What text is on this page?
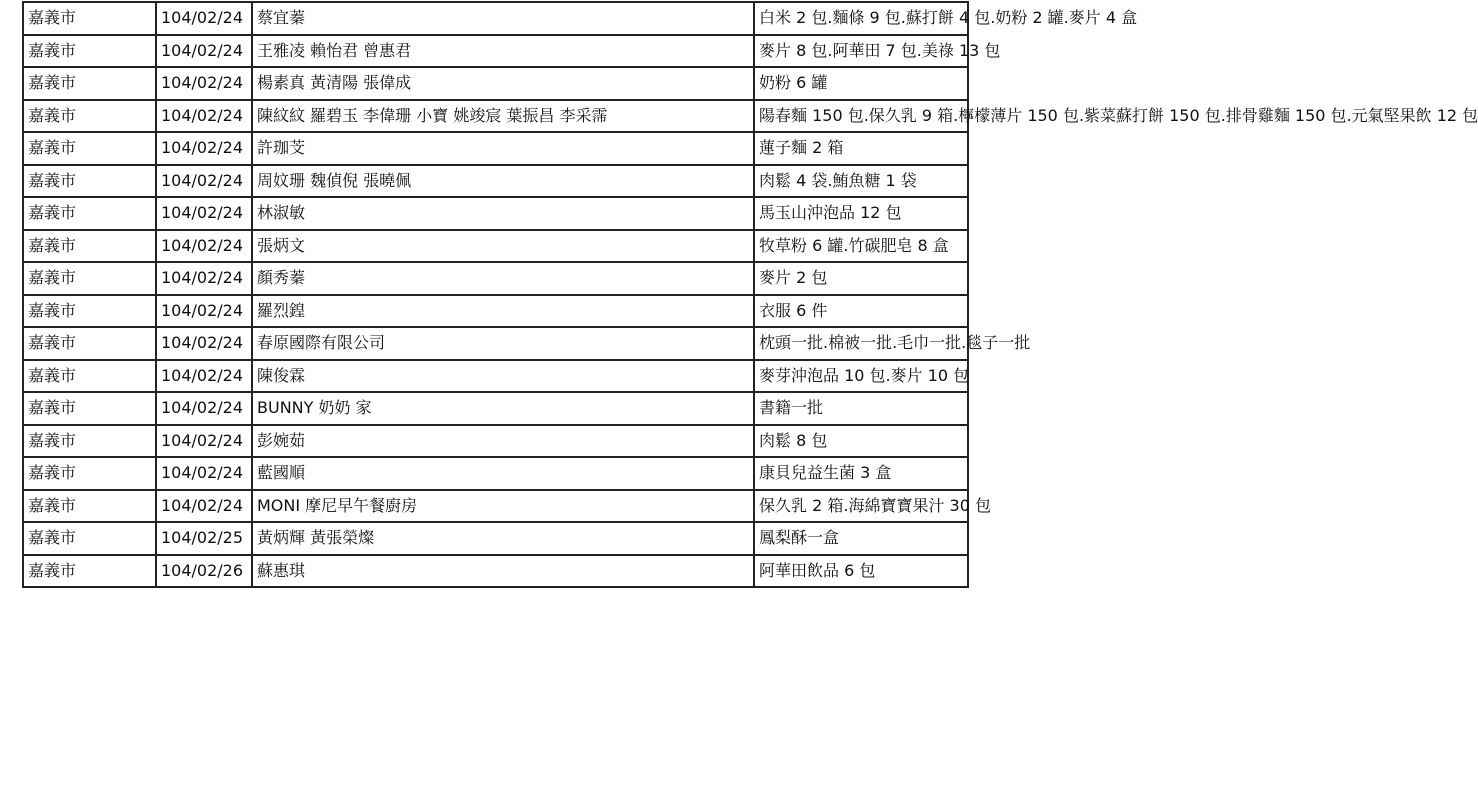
嘉義市	104/02/24	蔡宜蓁	白米 2 包.麵條 9 包.蘇打餅 4 包.奶粉 2 罐.麥片 4 盒
嘉義市	104/02/24	王雅凌 賴怡君 曾惠君	麥片 8 包.阿華田 7 包.美祿 13 包
嘉義市	104/02/24	楊素真 黃清陽 張偉成	奶粉 6 罐
嘉義市	104/02/24	陳紋紋 羅碧玉 李偉珊 小寶 姚竣宸 葉振昌 李采霈	陽春麵 150 包.保久乳 9 箱.檸檬薄片 150 包.紫菜蘇打餅 150 包.排骨雞麵 150 包.元氣堅果飲 12 包
嘉義市	104/02/24	許珈芠	蓮子麵 2 箱
嘉義市	104/02/24	周妏珊 魏偵倪 張曉佩	肉鬆 4 袋.鮪魚糖 1 袋
嘉義市	104/02/24	林淑敏	馬玉山沖泡品 12 包
嘉義市	104/02/24	張炳文	牧草粉 6 罐.竹碳肥皂 8 盒
嘉義市	104/02/24	顏秀蓁	麥片 2 包
嘉義市	104/02/24	羅烈鍠	衣服 6 件
嘉義市	104/02/24	春原國際有限公司	枕頭一批.棉被一批.毛巾一批.毯子一批
嘉義市	104/02/24	陳俊霖	麥芽沖泡品 10 包.麥片 10 包
嘉義市	104/02/24	BUNNY 奶奶 家	書籍一批
嘉義市	104/02/24	彭婉茹	肉鬆 8 包
嘉義市	104/02/24	藍國順	康貝兒益生菌 3 盒
嘉義市	104/02/24	MONI 摩尼早午餐廚房	保久乳 2 箱.海綿寶寶果汁 30 包
嘉義市	104/02/25	黃炳輝 黃張榮燦	鳳梨酥一盒
嘉義市	104/02/26	蘇惠琪	阿華田飲品 6 包
